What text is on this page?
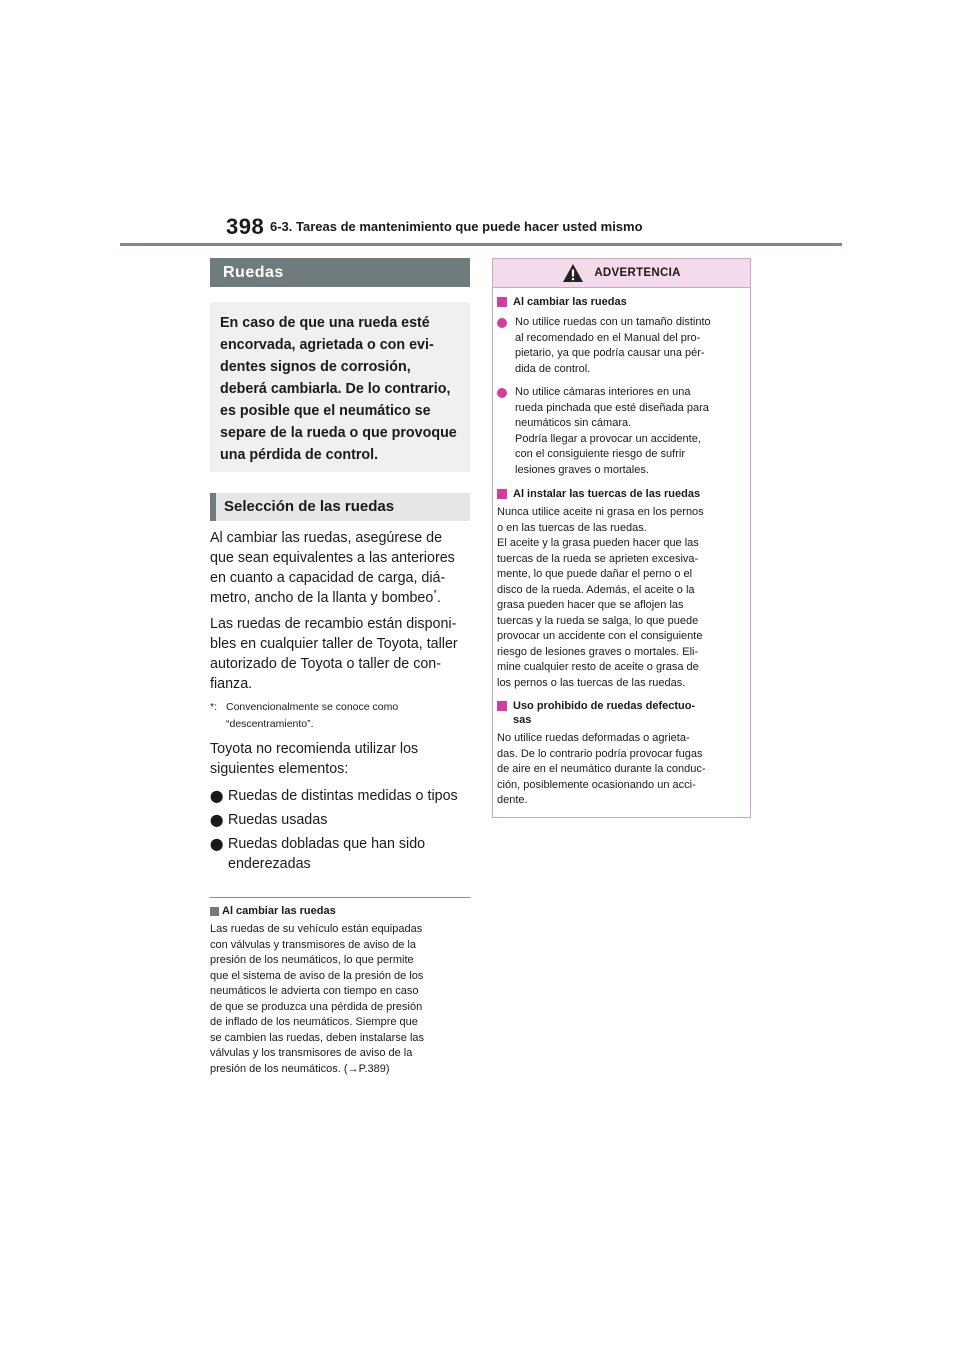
398 6-3. Tareas de mantenimiento que puede hacer usted mismo
Ruedas
En caso de que una rueda esté
encorvada, agrietada o con evi-
dentes signos de corrosión,
deberá cambiarla. De lo contrario,
es posible que el neumático se
separe de la rueda o que provoque
una pérdida de control.
Selección de las ruedas
Al cambiar las ruedas, asegúrese de
que sean equivalentes a las anteriores
en cuanto a capacidad de carga, diá-
metro, ancho de la llanta y bombeo*.
Las ruedas de recambio están disponi-
bles en cualquier taller de Toyota, taller
autorizado de Toyota o taller de con-
fianza.
*: Convencionalmente se conoce como
“descentramiento”.
Toyota no recomienda utilizar los
siguientes elementos:
⬤ Ruedas de distintas medidas o tipos
⬤ Ruedas usadas
⬤ Ruedas dobladas que han sido
enderezadas
Al cambiar las ruedas
Las ruedas de su vehículo están equipadas
con válvulas y transmisores de aviso de la
presión de los neumáticos, lo que permite
que el sistema de aviso de la presión de los
neumáticos le advierta con tiempo en caso
de que se produzca una pérdida de presión
de inflado de los neumáticos. Siempre que
se cambien las ruedas, deben instalarse las
válvulas y los transmisores de aviso de la
presión de los neumáticos. (→P.389)
ADVERTENCIA
Al cambiar las ruedas
No utilice ruedas con un tamaño distinto
al recomendado en el Manual del pro-
pietario, ya que podría causar una pér-
dida de control.
No utilice cámaras interiores en una
rueda pinchada que esté diseñada para
neumáticos sin cámara.
Podría llegar a provocar un accidente,
con el consiguiente riesgo de sufrir
lesiones graves o mortales.
Al instalar las tuercas de las ruedas
Nunca utilice aceite ni grasa en los pernos
o en las tuercas de las ruedas.
El aceite y la grasa pueden hacer que las
tuercas de la rueda se aprieten excesiva-
mente, lo que puede dañar el perno o el
disco de la rueda. Además, el aceite o la
grasa pueden hacer que se aflojen las
tuercas y la rueda se salga, lo que puede
provocar un accidente con el consiguiente
riesgo de lesiones graves o mortales. Eli-
mine cualquier resto de aceite o grasa de
los pernos o las tuercas de las ruedas.
Uso prohibido de ruedas defectuo-
sas
No utilice ruedas deformadas o agrieta-
das. De lo contrario podría provocar fugas
de aire en el neumático durante la conduc-
ción, posiblemente ocasionando un acci-
dente.
